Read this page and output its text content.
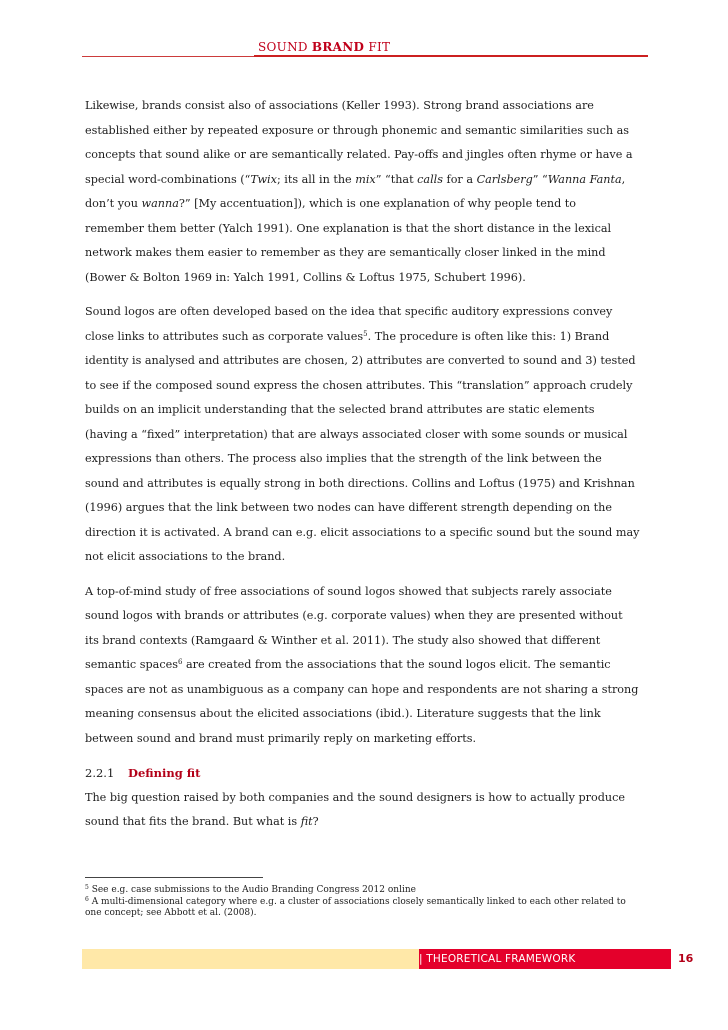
SOUND BRAND FIT

Likewise, brands consist also of associations (Keller 1993). Strong brand associations are
established either by repeated exposure or through phonemic and semantic similarities such as
concepts that sound alike or are semantically related. Pay-offs and jingles often rhyme or have a
special word-combinations (“Twix; its all in the mix” “that calls for a Carlsberg” “Wanna Fanta,
don’t you wanna?” [My accentuation]), which is one explanation of why people tend to
remember them better (Yalch 1991). One explanation is that the short distance in the lexical
network makes them easier to remember as they are semantically closer linked in the mind
(Bower & Bolton 1969 in: Yalch 1991, Collins & Loftus 1975, Schubert 1996).

Sound logos are often developed based on the idea that specific auditory expressions convey
close links to attributes such as corporate values$^5$. The procedure is often like this: 1) Brand
identity is analysed and attributes are chosen, 2) attributes are converted to sound and 3) tested
to see if the composed sound express the chosen attributes. This “translation” approach crudely
builds on an implicit understanding that the selected brand attributes are static elements
(having a “fixed” interpretation) that are always associated closer with some sounds or musical
expressions than others. The process also implies that the strength of the link between the
sound and attributes is equally strong in both directions. Collins and Loftus (1975) and Krishnan
(1996) argues that the link between two nodes can have different strength depending on the
direction it is activated. A brand can e.g. elicit associations to a specific sound but the sound may
not elicit associations to the brand.

A top-of-mind study of free associations of sound logos showed that subjects rarely associate
sound logos with brands or attributes (e.g. corporate values) when they are presented without
its brand contexts (Ramgaard & Winther et al. 2011). The study also showed that different
semantic spaces$^6$ are created from the associations that the sound logos elicit. The semantic
spaces are not as unambiguous as a company can hope and respondents are not sharing a strong
meaning consensus about the elicited associations (ibid.). Literature suggests that the link
between sound and brand must primarily reply on marketing efforts.

2.2.1 Defining fit

The big question raised by both companies and the sound designers is how to actually produce
sound that fits the brand. But what is fit?

$^5$ See e.g. case submissions to the Audio Branding Congress 2012 online
$^6$ A multi-dimensional category where e.g. a cluster of associations closely semantically linked to each other related to
one concept; see Abbott et al. (2008).
| THEORETICAL FRAMEWORK	16
